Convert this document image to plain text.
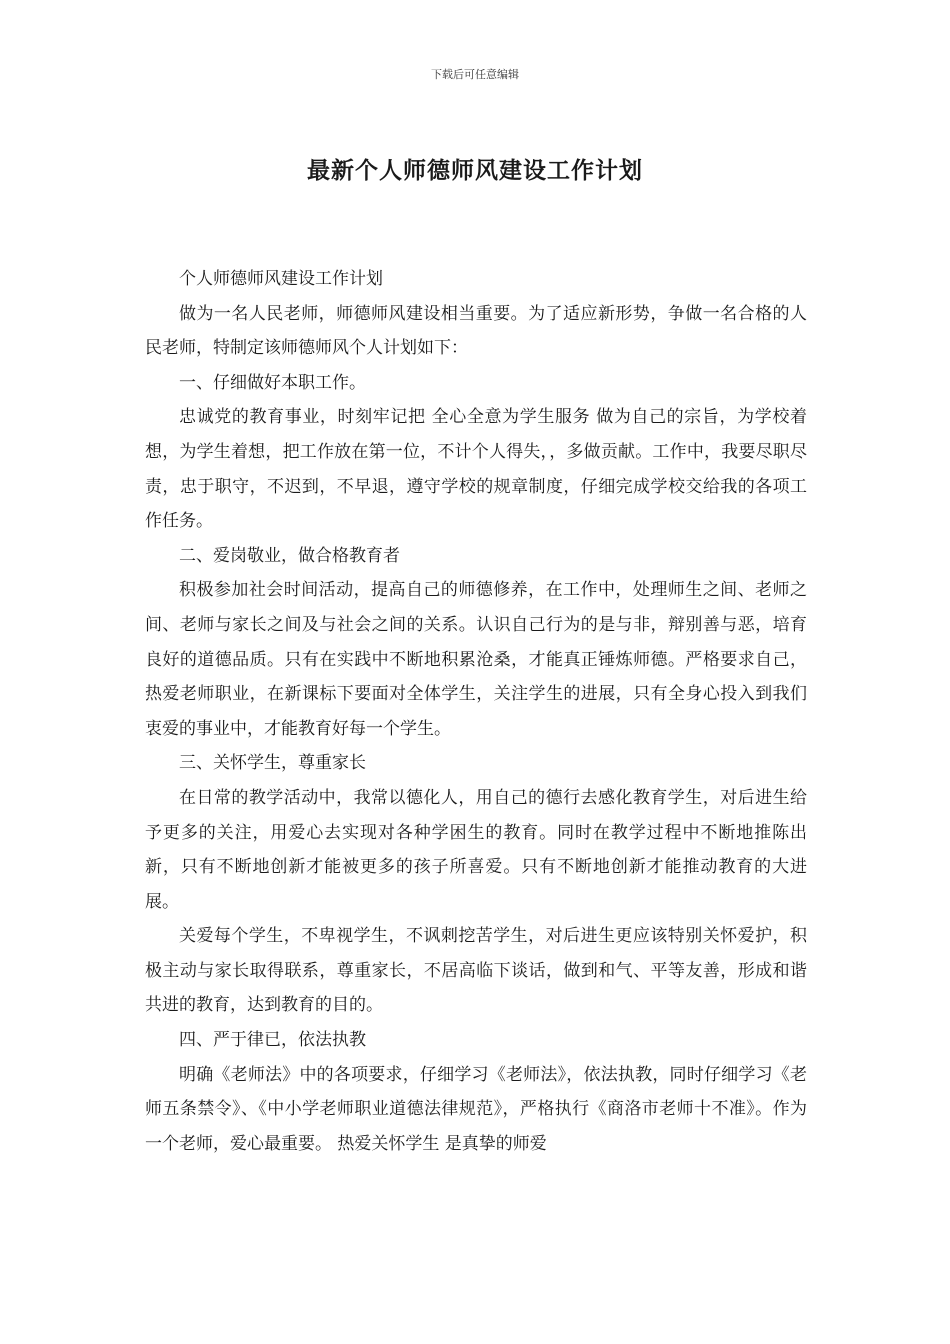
下载后可任意编辑
最新个人师德师风建设工作计划

个人师德师风建设工作计划

做为一名人民老师，师德师风建设相当重要。为了适应新形势，争做一名合格的人民老师，特制定该师德师风个人计划如下：

一、仔细做好本职工作。

忠诚党的教育事业，时刻牢记把 全心全意为学生服务 做为自己的宗旨，为学校着想，为学生着想，把工作放在第一位，不计个人得失，，多做贡献。工作中，我要尽职尽责，忠于职守，不迟到，不早退，遵守学校的规章制度，仔细完成学校交给我的各项工作任务。

二、爱岗敬业，做合格教育者

积极参加社会时间活动，提高自己的师德修养，在工作中，处理师生之间、老师之间、老师与家长之间及与社会之间的关系。认识自己行为的是与非，辩别善与恶，培育良好的道德品质。只有在实践中不断地积累沧桑，才能真正锤炼师德。严格要求自己，热爱老师职业，在新课标下要面对全体学生，关注学生的进展，只有全身心投入到我们衷爱的事业中，才能教育好每一个学生。

三、关怀学生，尊重家长

在日常的教学活动中，我常以德化人，用自己的德行去感化教育学生，对后进生给予更多的关注，用爱心去实现对各种学困生的教育。同时在教学过程中不断地推陈出新，只有不断地创新才能被更多的孩子所喜爱。只有不断地创新才能推动教育的大进展。

关爱每个学生，不卑视学生，不讽刺挖苦学生，对后进生更应该特别关怀爱护，积极主动与家长取得联系，尊重家长，不居高临下谈话，做到和气、平等友善，形成和谐共进的教育，达到教育的目的。

四、严于律已，依法执教

明确《老师法》中的各项要求，仔细学习《老师法》，依法执教，同时仔细学习《老师五条禁令》、《中小学老师职业道德法律规范》，严格执行《商洛市老师十不准》。作为一个老师，爱心最重要。 热爱关怀学生 是真挚的师爱
